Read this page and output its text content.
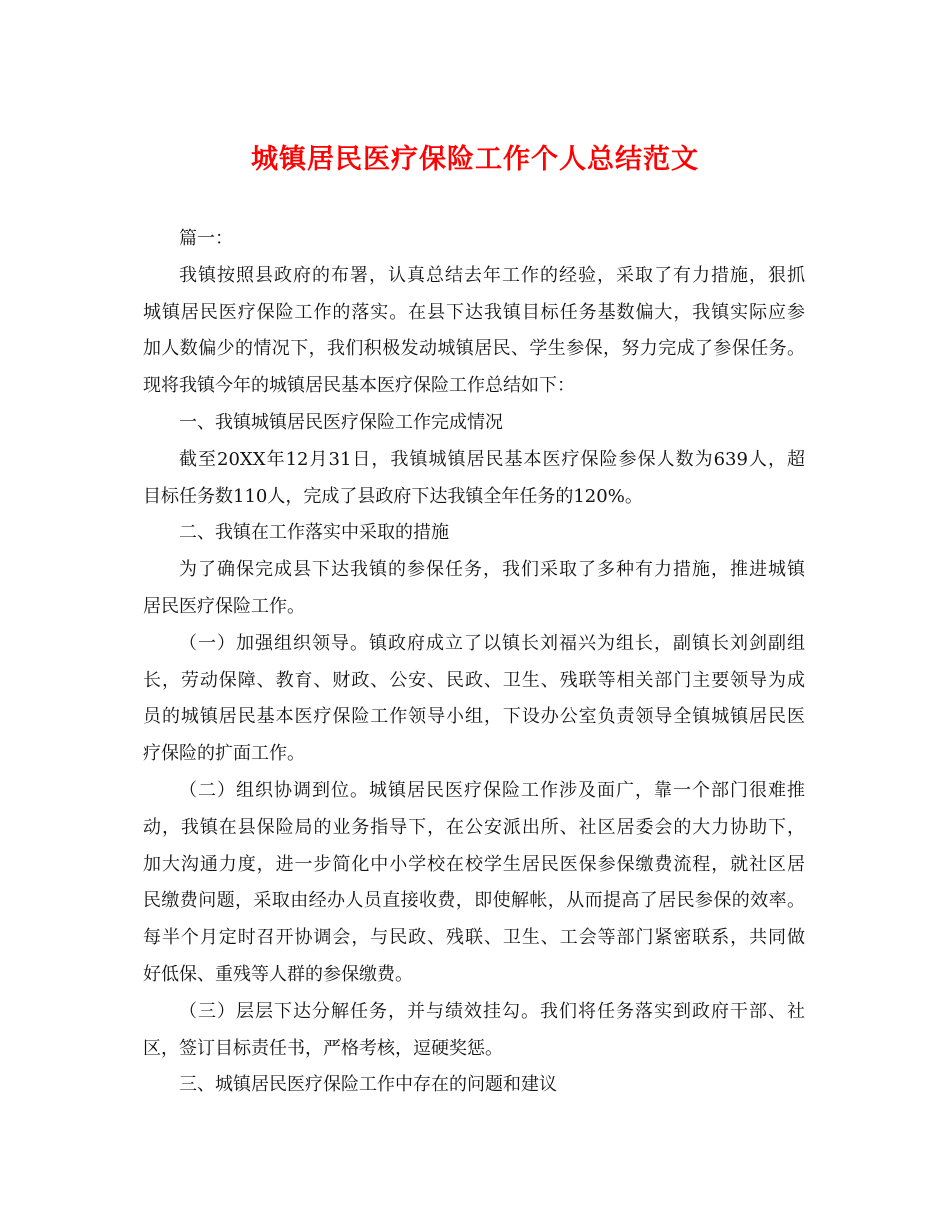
城镇居民医疗保险工作个人总结范文
篇一：
我镇按照县政府的布署，认真总结去年工作的经验，采取了有力措施，狠抓
城镇居民医疗保险工作的落实。在县下达我镇目标任务基数偏大，我镇实际应参
加人数偏少的情况下，我们积极发动城镇居民、学生参保，努力完成了参保任务。
现将我镇今年的城镇居民基本医疗保险工作总结如下：
一、我镇城镇居民医疗保险工作完成情况
截至20XX年12月31日，我镇城镇居民基本医疗保险参保人数为639人，超
目标任务数110人，完成了县政府下达我镇全年任务的120%。
二、我镇在工作落实中采取的措施
为了确保完成县下达我镇的参保任务，我们采取了多种有力措施，推进城镇
居民医疗保险工作。
（一）加强组织领导。镇政府成立了以镇长刘福兴为组长，副镇长刘剑副组
长，劳动保障、教育、财政、公安、民政、卫生、残联等相关部门主要领导为成
员的城镇居民基本医疗保险工作领导小组，下设办公室负责领导全镇城镇居民医
疗保险的扩面工作。
（二）组织协调到位。城镇居民医疗保险工作涉及面广，靠一个部门很难推
动，我镇在县保险局的业务指导下，在公安派出所、社区居委会的大力协助下，
加大沟通力度，进一步简化中小学校在校学生居民医保参保缴费流程，就社区居
民缴费问题，采取由经办人员直接收费，即使解帐，从而提高了居民参保的效率。
每半个月定时召开协调会，与民政、残联、卫生、工会等部门紧密联系，共同做
好低保、重残等人群的参保缴费。
（三）层层下达分解任务，并与绩效挂勾。我们将任务落实到政府干部、社
区，签订目标责任书，严格考核，逗硬奖惩。
三、城镇居民医疗保险工作中存在的问题和建议
